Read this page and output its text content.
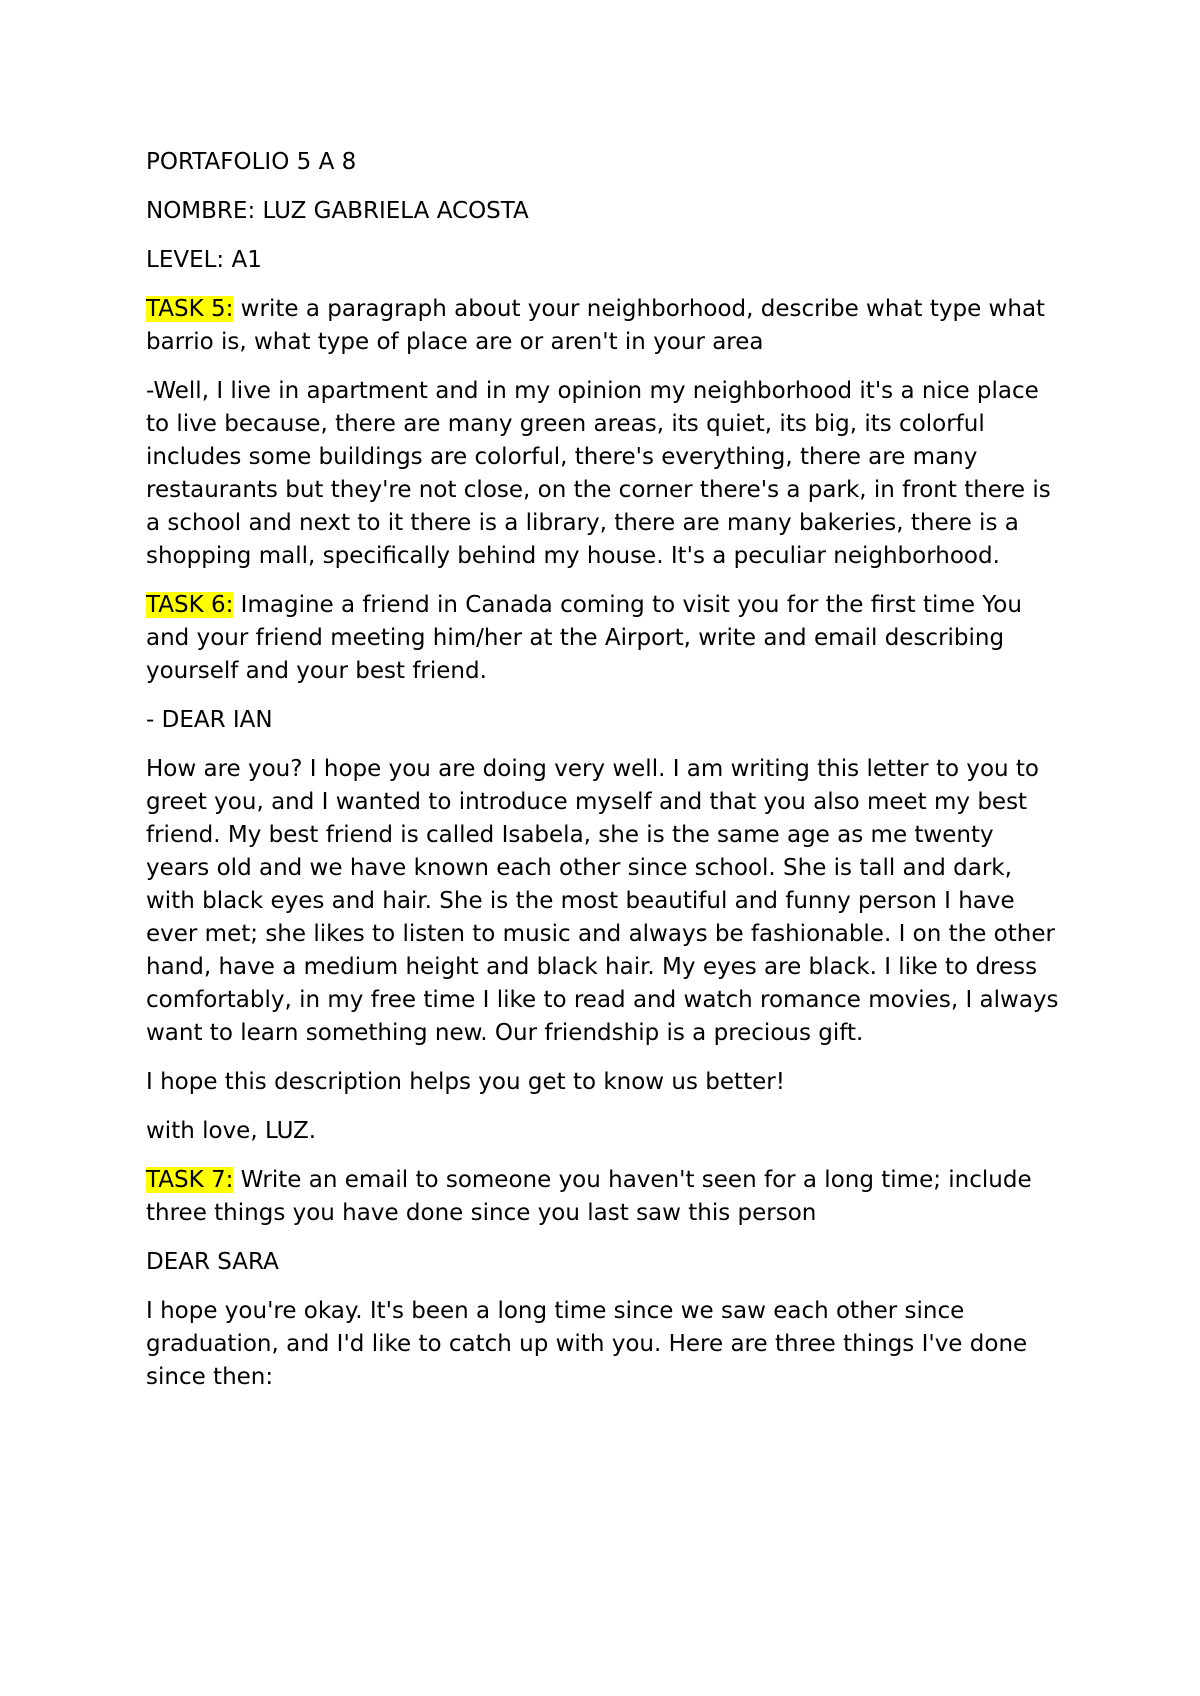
PORTAFOLIO 5 A 8

NOMBRE: LUZ GABRIELA ACOSTA

LEVEL: A1

TASK 5: write a paragraph about your neighborhood, describe what type what barrio is, what type of place are or aren't in your area

-Well, I live in apartment and in my opinion my neighborhood it's a nice place to live because, there are many green areas, its quiet, its big, its colorful includes some buildings are colorful, there's everything, there are many restaurants but they're not close, on the corner there's a park, in front there is a school and next to it there is a library, there are many bakeries, there is a shopping mall, specifically behind my house. It's a peculiar neighborhood.

TASK 6: Imagine a friend in Canada coming to visit you for the first time You and your friend meeting him/her at the Airport, write and email describing yourself and your best friend.

- DEAR IAN

How are you? I hope you are doing very well. I am writing this letter to you to greet you, and I wanted to introduce myself and that you also meet my best friend. My best friend is called Isabela, she is the same age as me twenty years old and we have known each other since school. She is tall and dark, with black eyes and hair. She is the most beautiful and funny person I have ever met; she likes to listen to music and always be fashionable. I on the other hand, have a medium height and black hair. My eyes are black. I like to dress comfortably, in my free time I like to read and watch romance movies, I always want to learn something new. Our friendship is a precious gift.

I hope this description helps you get to know us better!

with love, LUZ.

TASK 7: Write an email to someone you haven't seen for a long time; include three things you have done since you last saw this person

DEAR SARA

I hope you're okay. It's been a long time since we saw each other since graduation, and I'd like to catch up with you. Here are three things I've done since then:
